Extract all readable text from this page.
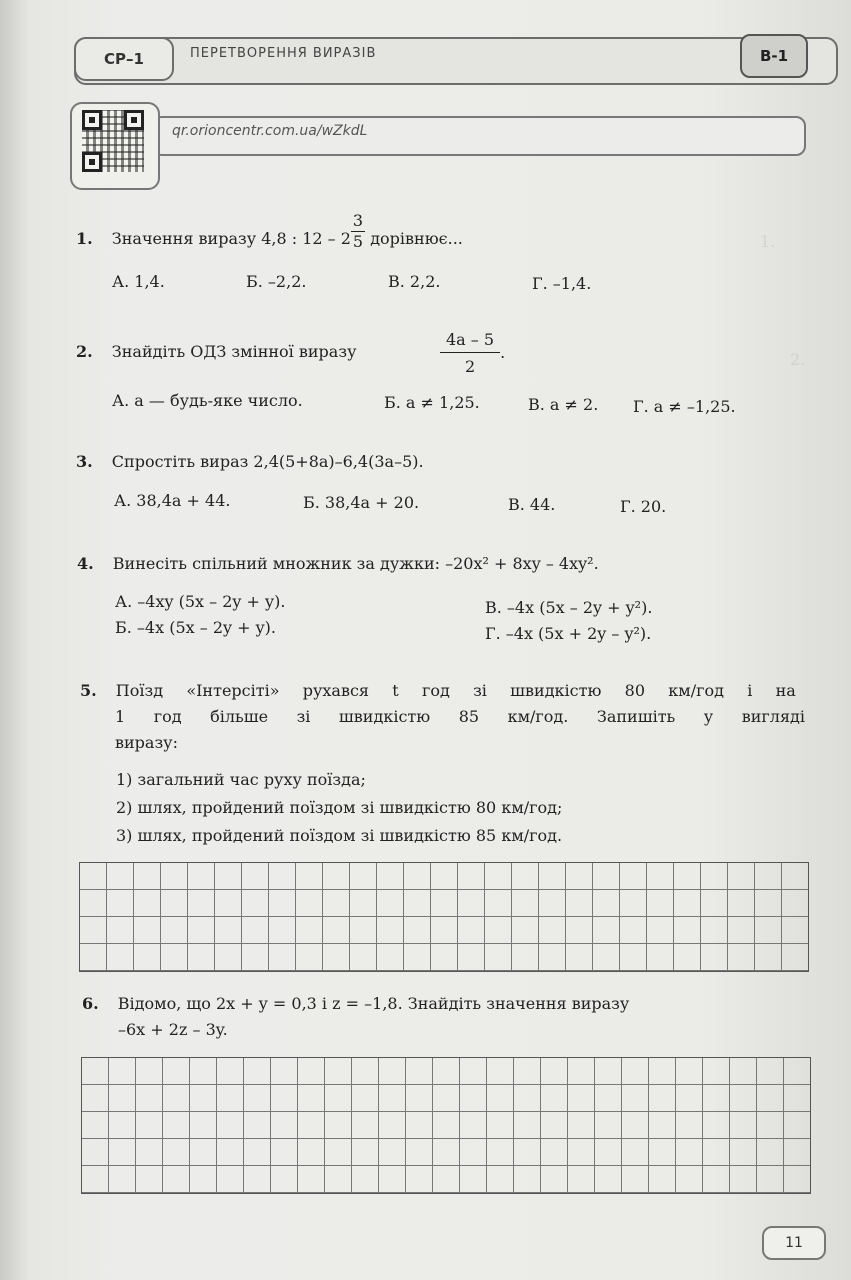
1.
2.
СР–1	ПЕРЕТВОРЕННЯ ВИРАЗІВ	В-1
qr.orioncentr.com.ua/wZkdL
1. Значення виразу 4,8 : $12 - 2 \frac{3}{5}$ дорівнює...
А. 1,4.	Б. –2,2.	В. 2,2.	Г. –1,4.
2. Знайдіть ОДЗ змінної виразу	$\frac{4a - 5}{2}$ .
А. a — будь-яке число.	Б. a ≠ 1,25.	В. a ≠ 2. Г. a ≠ –1,25.
3. Спростіть вираз 2,4(5+8a)–6,4(3a–5).
А. 38,4a + 44.	Б. 38,4a + 20.	В. 44.	Г. 20.
4. Винесіть спільний множник за дужки: –20x² + 8xy – 4xy².
А. –4xy (5x – 2y + y).
Б. –4x (5x – 2y + y).
В. –4x (5x – 2y + y²).
Г. –4x (5x + 2y – y²).
5. Поїзд «Інтерсіті» рухався t год зі швидкістю 80 км/год і на
1 год більше зі швидкістю 85 км/год. Запишіть у вигляді
виразу:
1) загальний час руху поїзда;
2) шлях, пройдений поїздом зі швидкістю 80 км/год;
3) шлях, пройдений поїздом зі швидкістю 85 км/год.
6. Відомо, що 2x + y = 0,3 і z = –1,8. Знайдіть значення виразу
–6x + 2z – 3y.
11
